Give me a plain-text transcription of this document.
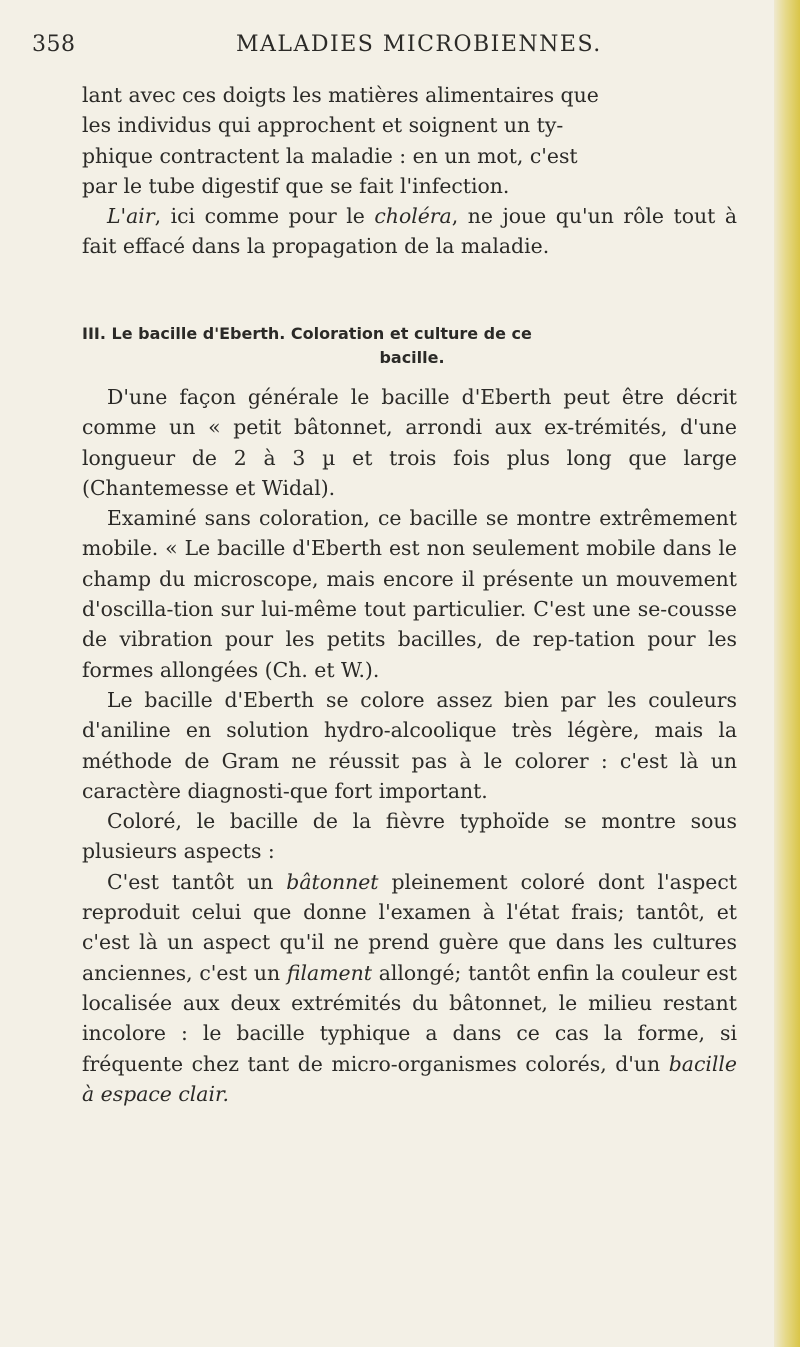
358	MALADIES MICROBIENNES.

lant avec ces doigts les matières alimentaires que
les individus qui approchent et soignent un ty-
phique contractent la maladie : en un mot, c'est
par le tube digestif que se fait l'infection.

L'air, ici comme pour le choléra, ne joue qu'un rôle tout à fait effacé dans la propagation de la maladie.

III. Le bacille d'Eberth. Coloration et culture de ce
bacille.

D'une façon générale le bacille d'Eberth peut être décrit comme un « petit bâtonnet, arrondi aux ex-trémités, d'une longueur de 2 à 3 µ et trois fois plus long que large (Chantemesse et Widal).

Examiné sans coloration, ce bacille se montre extrêmement mobile. « Le bacille d'Eberth est non seulement mobile dans le champ du microscope, mais encore il présente un mouvement d'oscilla-tion sur lui-même tout particulier. C'est une se-cousse de vibration pour les petits bacilles, de rep-tation pour les formes allongées (Ch. et W.).

Le bacille d'Eberth se colore assez bien par les couleurs d'aniline en solution hydro-alcoolique très légère, mais la méthode de Gram ne réussit pas à le colorer : c'est là un caractère diagnosti-que fort important.

Coloré, le bacille de la fièvre typhoïde se montre sous plusieurs aspects :

C'est tantôt un bâtonnet pleinement coloré dont l'aspect reproduit celui que donne l'examen à l'état frais; tantôt, et c'est là un aspect qu'il ne prend guère que dans les cultures anciennes, c'est un filament allongé; tantôt enfin la couleur est localisée aux deux extrémités du bâtonnet, le milieu restant incolore : le bacille typhique a dans ce cas la forme, si fréquente chez tant de micro-organismes colorés, d'un bacille à espace clair.
